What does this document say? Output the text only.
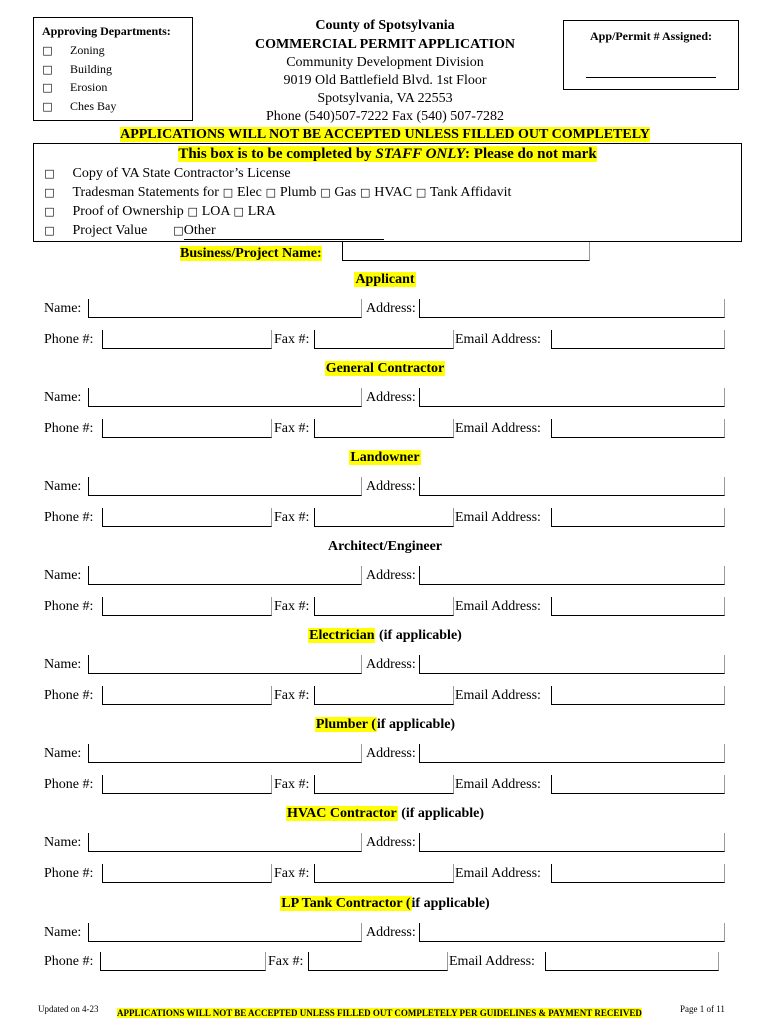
Approving Departments:
□ Zoning
□ Building
□ Erosion
□ Ches Bay
County of Spotsylvania
COMMERCIAL PERMIT APPLICATION
Community Development Division
9019 Old Battlefield Blvd. 1st Floor
Spotsylvania, VA 22553
Phone (540)507-7222 Fax (540) 507-7282
App/Permit # Assigned:
APPLICATIONS WILL NOT BE ACCEPTED UNLESS FILLED OUT COMPLETELY
This box is to be completed by STAFF ONLY: Please do not mark
□ Copy of VA State Contractor’s License
□ Tradesman Statements for □ Elec □ Plumb □ Gas □ HVAC □ Tank Affidavit
□ Proof of Ownership □ LOA □ LRA
□ Project Value □Other
Business/Project Name:
Applicant
Name:	Address:
Phone #:	Fax #:	Email Address:
General Contractor
Name:	Address:
Phone #:	Fax #:	Email Address:
Landowner
Name:	Address:
Phone #:	Fax #:	Email Address:
Architect/Engineer
Name:	Address:
Phone #:	Fax #:	Email Address:
Electrician (if applicable)
Name:	Address:
Phone #:	Fax #:	Email Address:
Plumber (if applicable)
Name:	Address:
Phone #:	Fax #:	Email Address:
HVAC Contractor (if applicable)
Name:	Address:
Phone #:	Fax #:	Email Address:
LP Tank Contractor (if applicable)
Name:	Address:
Phone #:	Fax #:	Email Address:
Updated on 4-23 APPLICATIONS WILL NOT BE ACCEPTED UNLESS FILLED OUT COMPLETELY PER GUIDELINES & PAYMENT RECEIVED	Page 1 of 11
